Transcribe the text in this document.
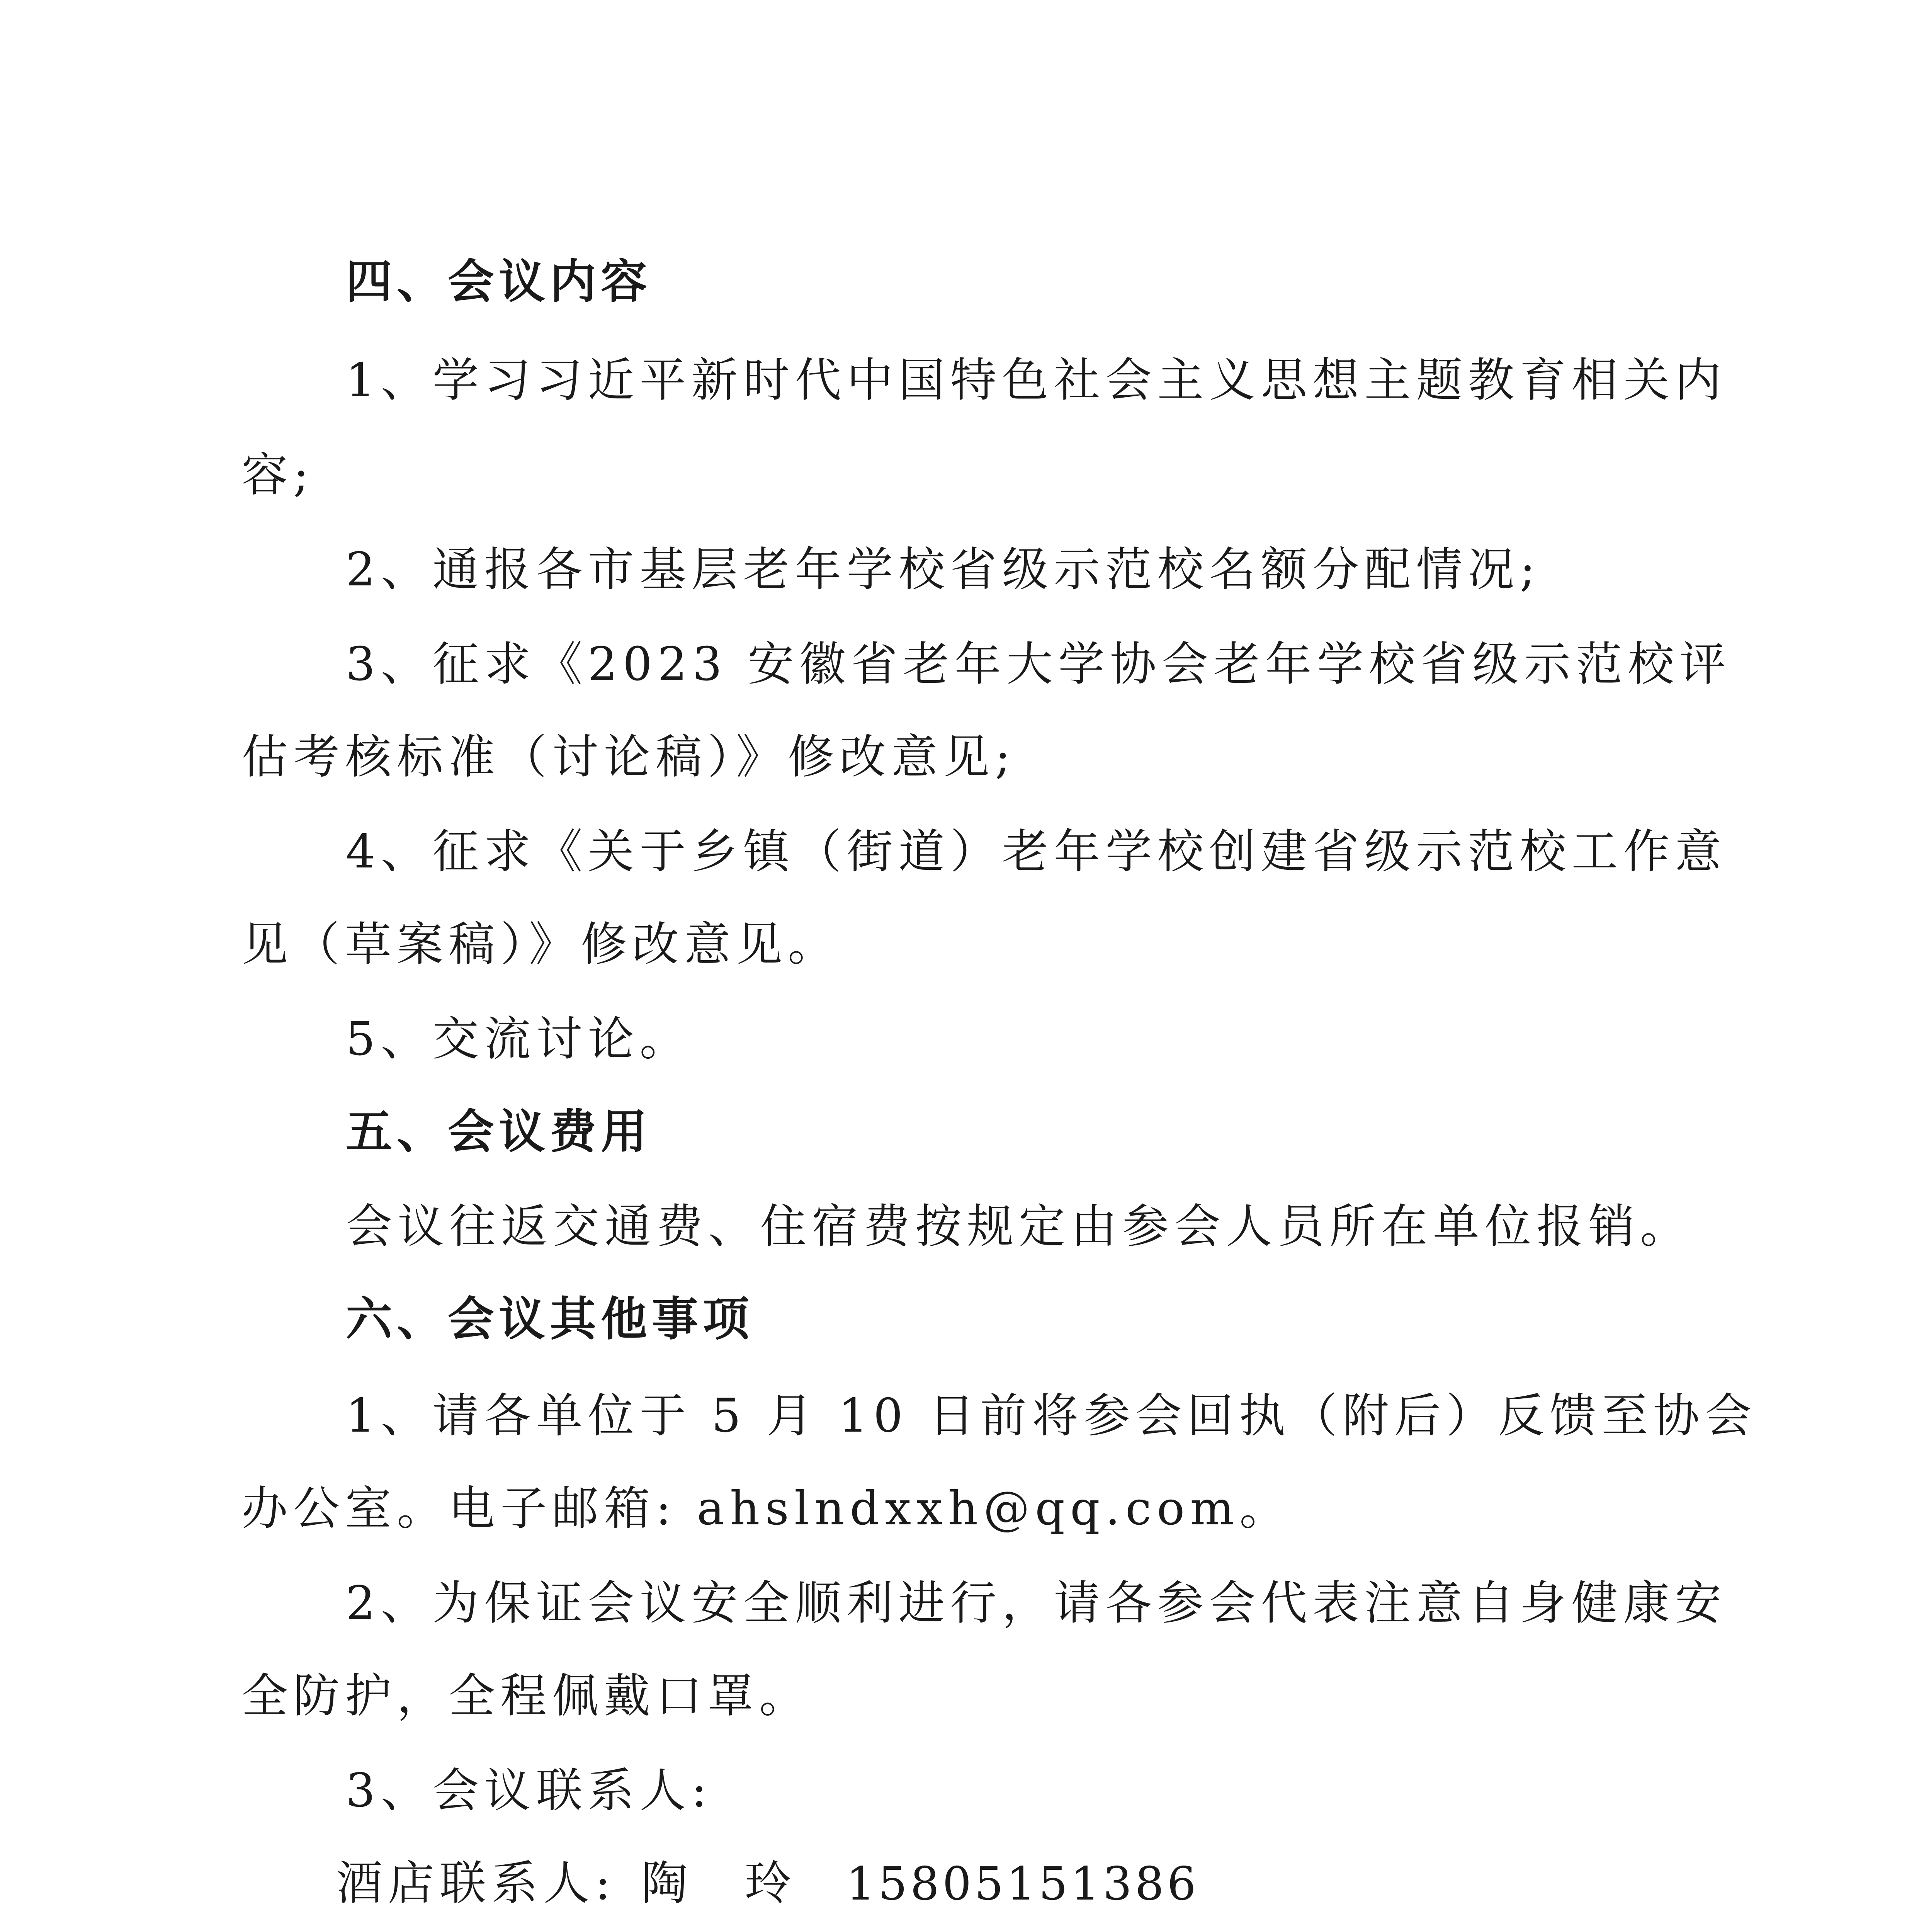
四、会议内容
1、学习习近平新时代中国特色社会主义思想主题教育相关内
容;
2、通报各市基层老年学校省级示范校名额分配情况;
3、征求《2023 安徽省老年大学协会老年学校省级示范校评
估考核标准（讨论稿）》修改意见;
4、征求《关于乡镇（街道）老年学校创建省级示范校工作意
见（草案稿）》修改意见。
5、交流讨论。
五、会议费用
会议往返交通费、住宿费按规定由参会人员所在单位报销。
六、会议其他事项
1、请各单位于 5 月 10 日前将参会回执（附后）反馈至协会
办公室。电子邮箱: ahslndxxh@qq.com。
2、为保证会议安全顺利进行，请各参会代表注意自身健康安
全防护，全程佩戴口罩。
3、会议联系人:
酒店联系人: 陶　玲 15805151386
